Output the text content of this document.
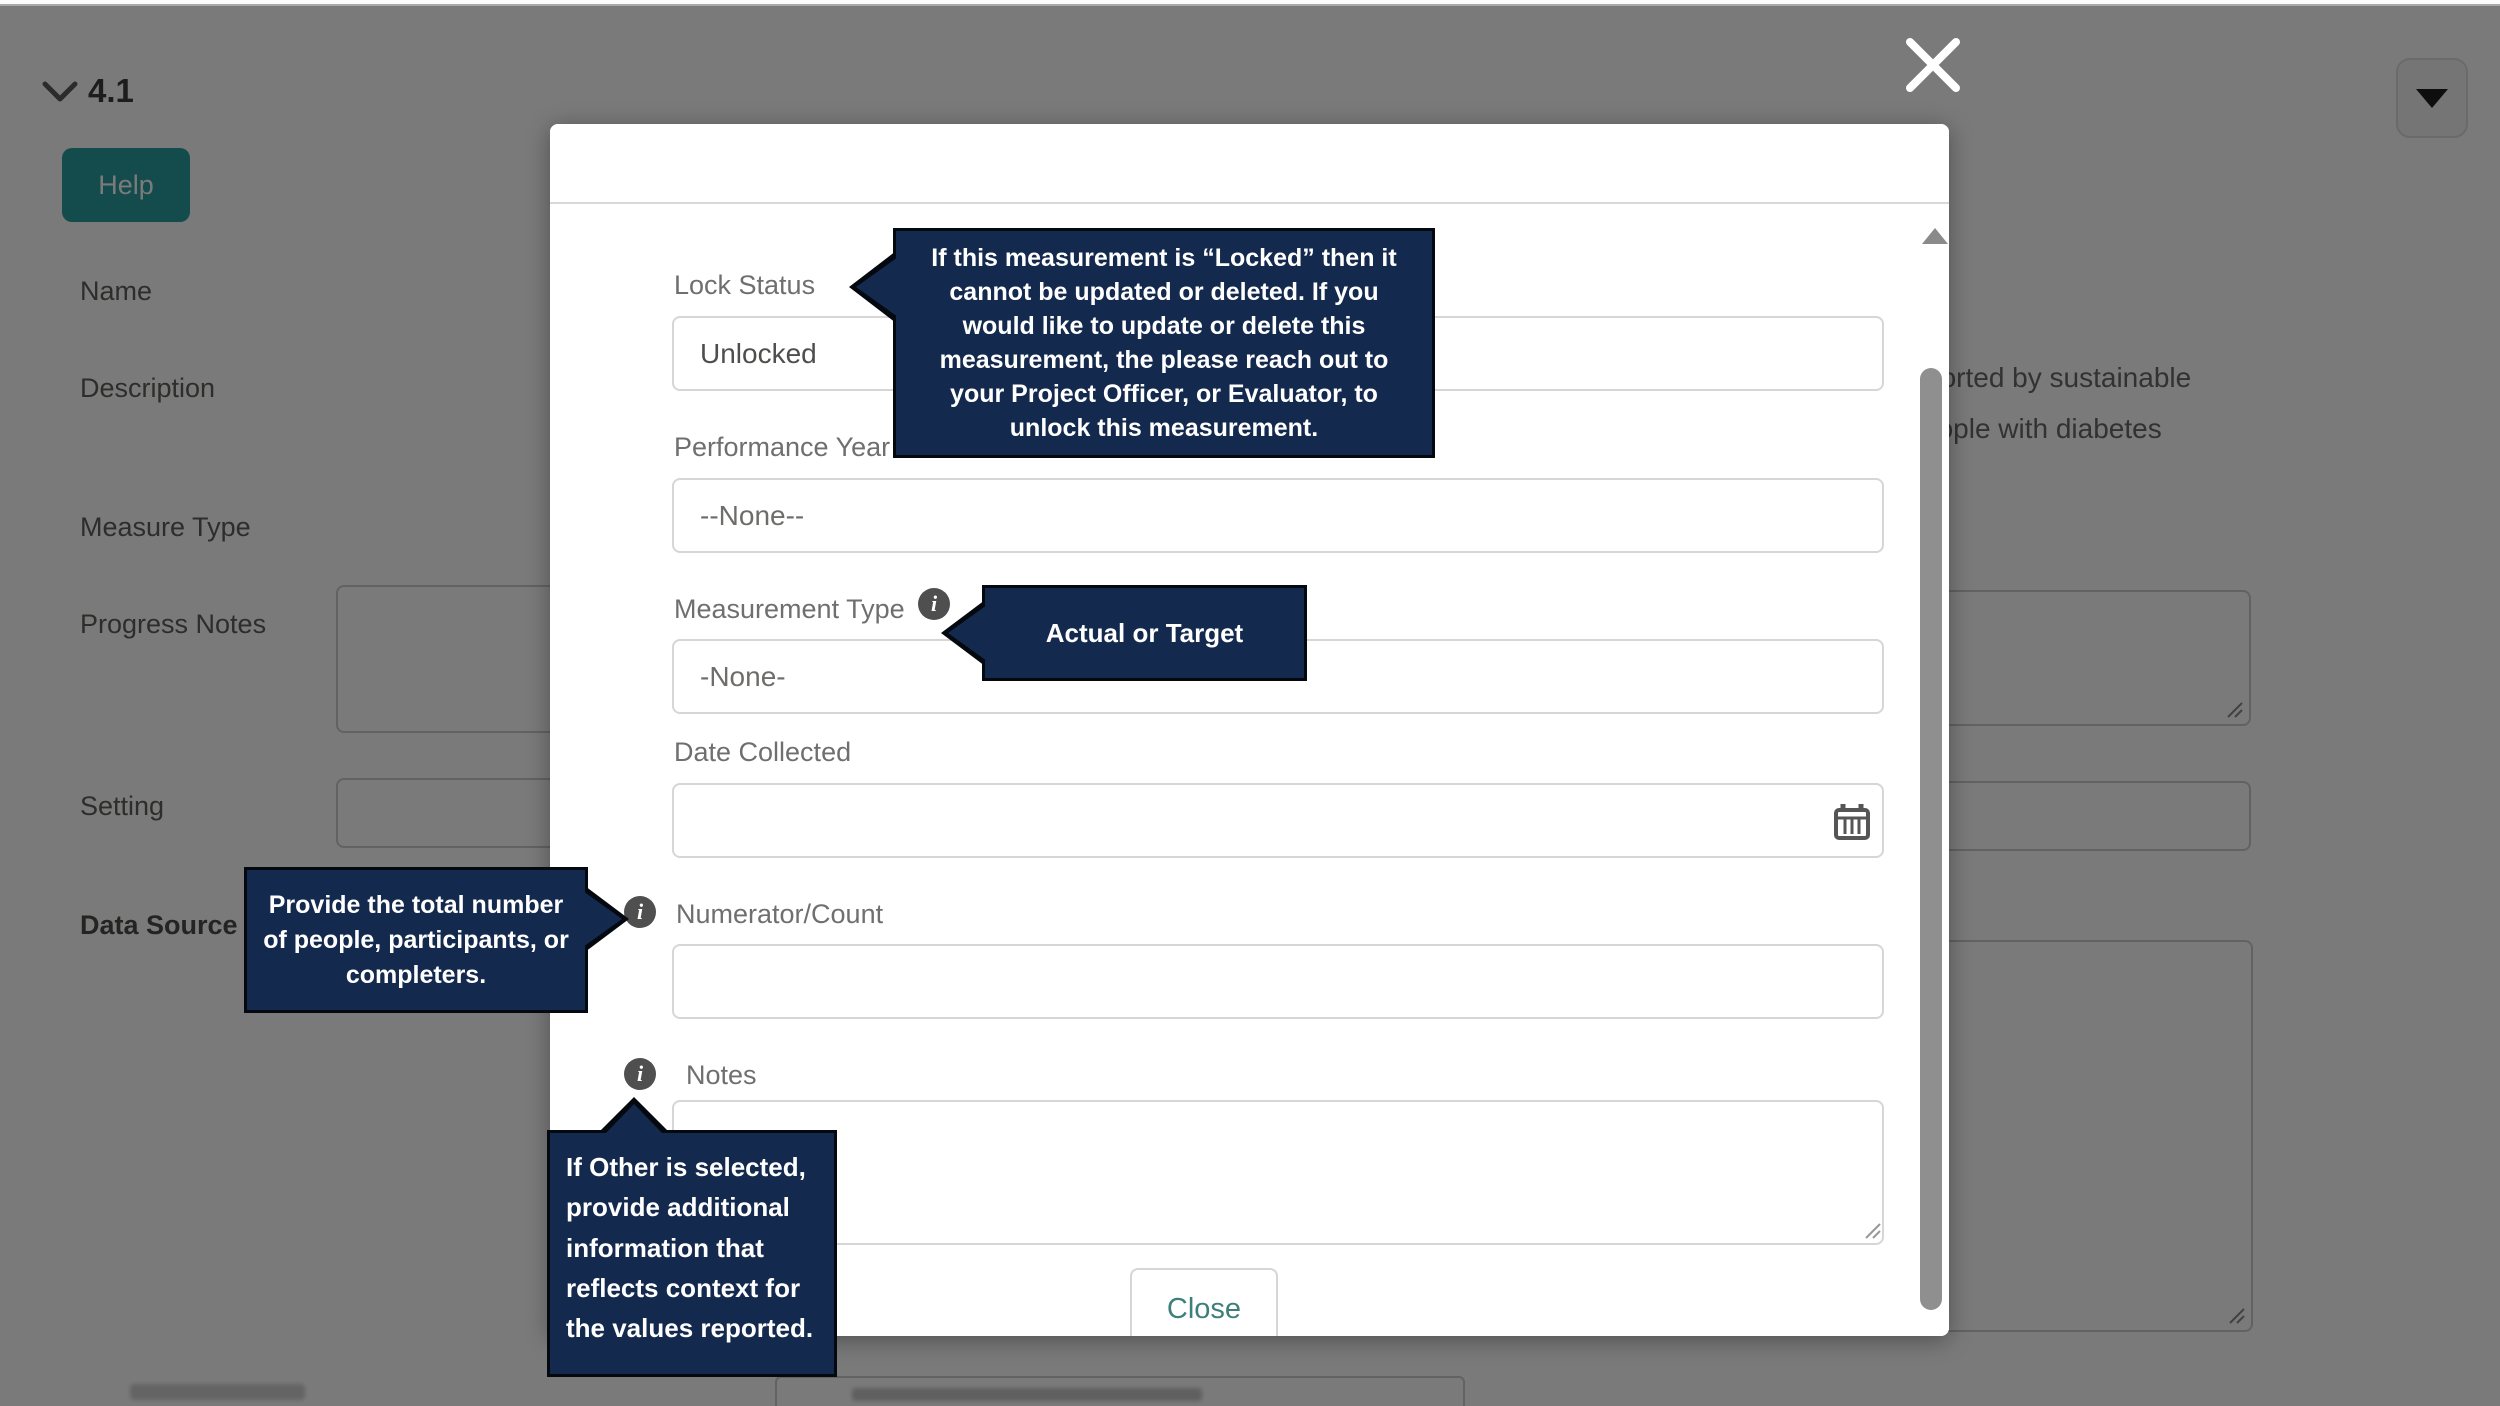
Lock Status
Unlocked
Performance Year
--None--
Measurement Type	i
-None-
Date Collected
i	Numerator/Count
i	Notes
Close
If this measurement is “Locked” then it cannot be updated or deleted. If you would like to update or delete this measurement, the please reach out to your Project Officer, or Evaluator, to unlock this measurement.
Actual or Target
Provide the total number of people, participants, or completers.
If Other is selected, provide additional information that reflects context for the values reported.
